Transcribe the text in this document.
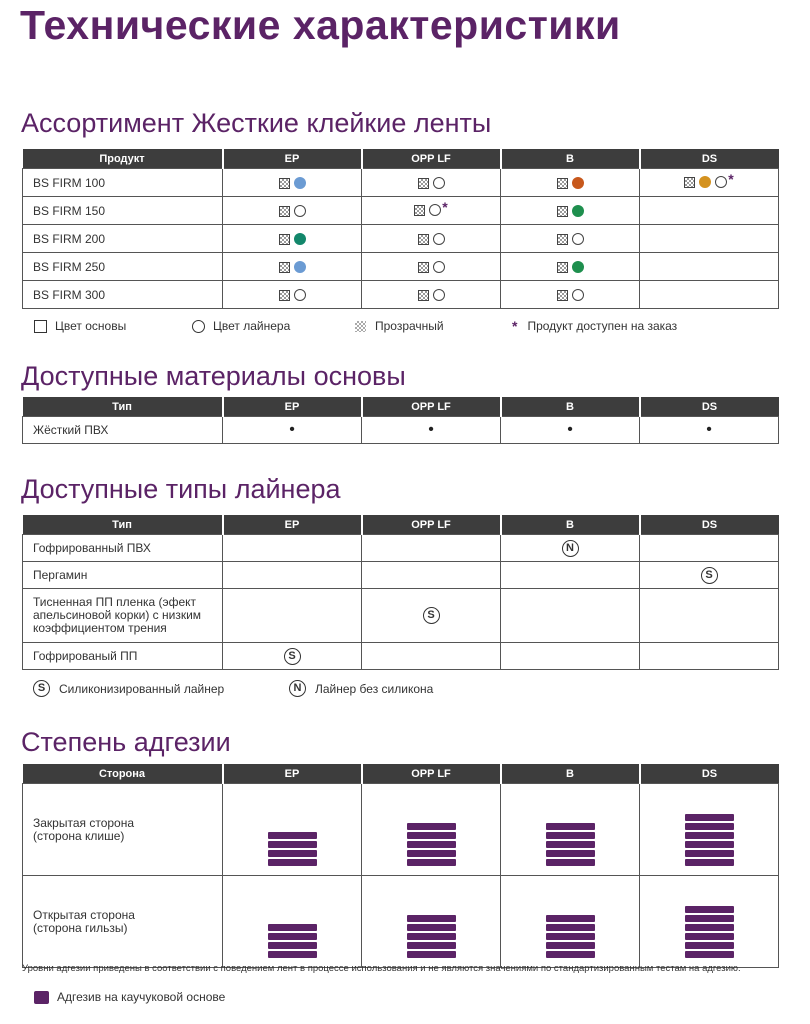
Технические характеристики
Ассортимент Жесткие клейкие ленты
Продукт	EP	OPP LF	B	DS
BS FIRM 100				*
BS FIRM 150		*		
BS FIRM 200				
BS FIRM 250				
BS FIRM 300				
Цвет основы	Цвет лайнера	Прозрачный	* Продукт доступен на заказ
Доступные материалы основы
Тип	EP	OPP LF	B	DS
Жёсткий ПВХ	•	•	•	•
Доступные типы лайнера
Тип	EP	OPP LF	B	DS
Гофрированный ПВХ			N	
Пергамин				S
Тисненная ПП пленка (эфект апельсиновой корки) с низким коэффициентом трения		S		
Гофрированый ПП	S			
S	Силиконизированный лайнер	N	Лайнер без силикона
Степень адгезии
Сторона	EP	OPP LF	B	DS
Закрытая сторона (сторона клише)	

Открытая сторона (сторона гильзы)	

Уровни адгезии приведены в соответствии с поведением лент в процессе использования и не являются значениями по стандартизированным тестам на адгезию.
Адгезив на каучуковой основе
